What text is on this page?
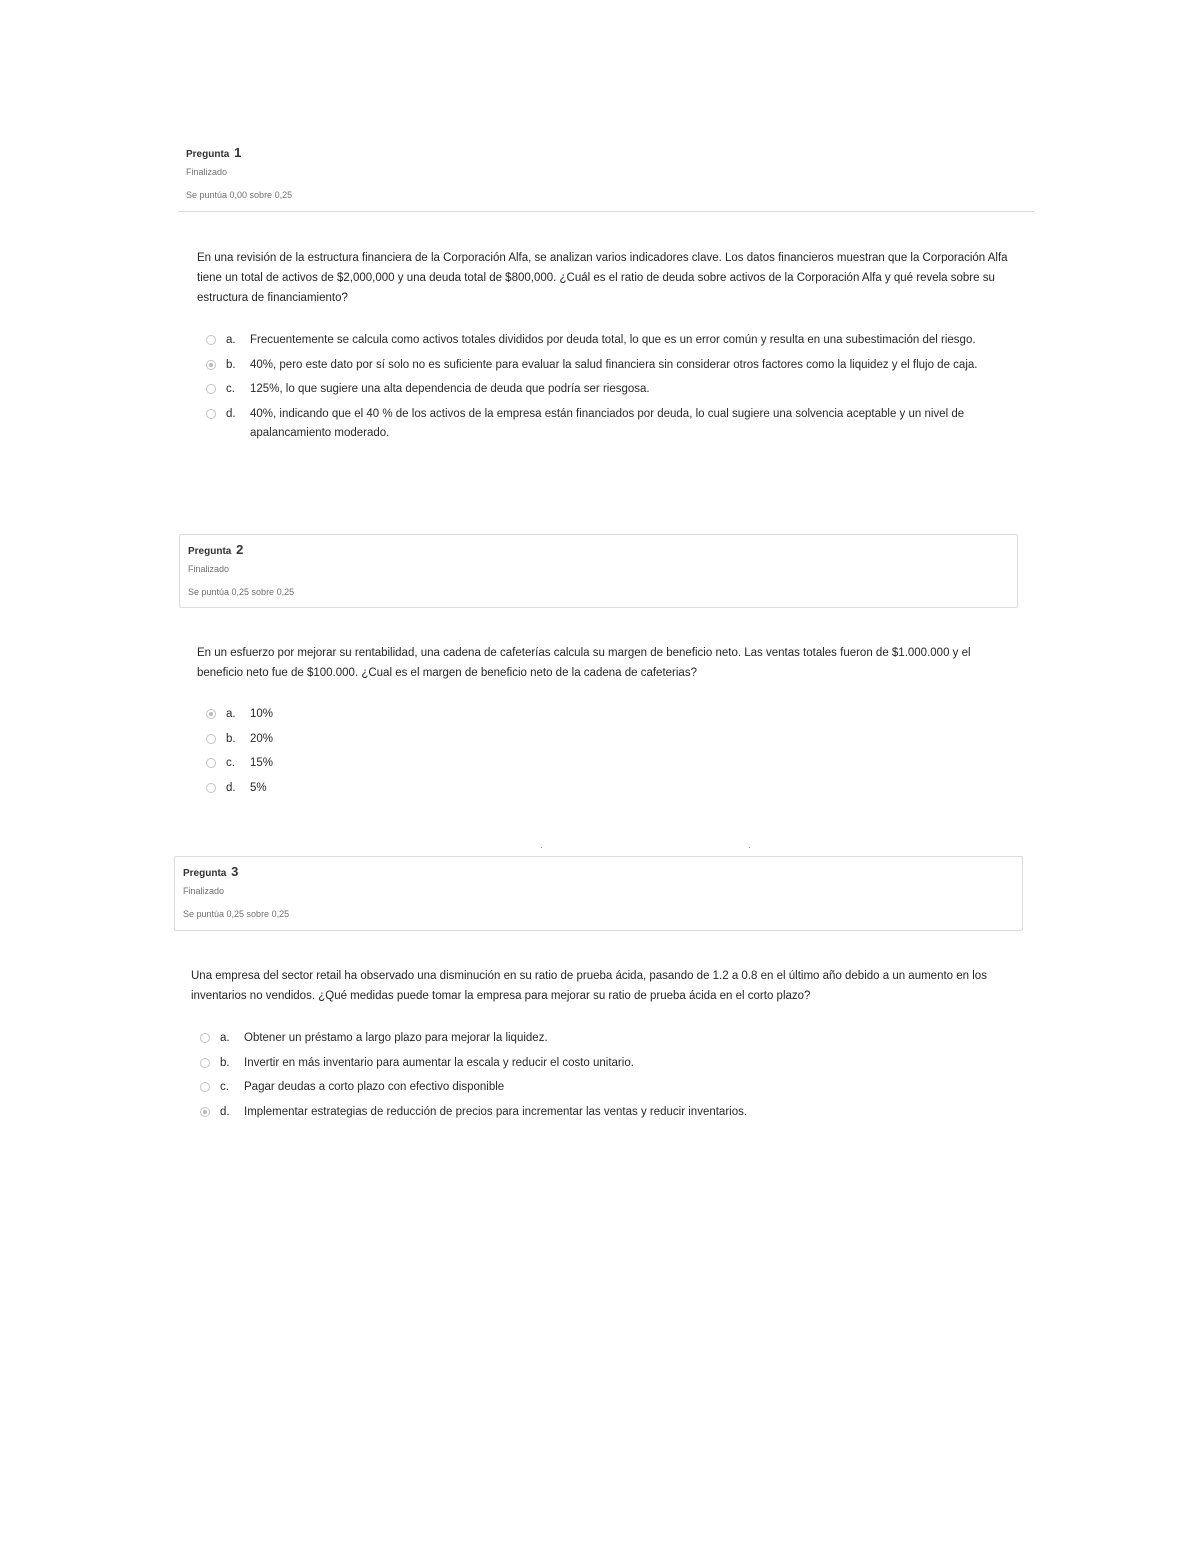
Pregunta 1
Finalizado
Se puntúa 0,00 sobre 0,25

En una revisión de la estructura financiera de la Corporación Alfa, se analizan varios indicadores clave. Los datos financieros muestran que la Corporación Alfa tiene un total de activos de $2,000,000 y una deuda total de $800,000. ¿Cuál es el ratio de deuda sobre activos de la Corporación Alfa y qué revela sobre su estructura de financiamiento?

a.	Frecuentemente se calcula como activos totales divididos por deuda total, lo que es un error común y resulta en una subestimación del riesgo.
b.	40%, pero este dato por sí solo no es suficiente para evaluar la salud financiera sin considerar otros factores como la liquidez y el flujo de caja.
c.	125%, lo que sugiere una alta dependencia de deuda que podría ser riesgosa.
d.	40%, indicando que el 40 % de los activos de la empresa están financiados por deuda, lo cual sugiere una solvencia aceptable y un nivel de apalancamiento moderado.
Pregunta 2
Finalizado
Se puntúa 0,25 sobre 0,25

En un esfuerzo por mejorar su rentabilidad, una cadena de cafeterías calcula su margen de beneficio neto. Las ventas totales fueron de $1.000.000 y el beneficio neto fue de $100.000. ¿Cual es el margen de beneficio neto de la cadena de cafeterias?

a.	10%
b.	20%
c.	15%
d.	5%
Pregunta 3
Finalizado
Se puntúa 0,25 sobre 0,25

Una empresa del sector retail ha observado una disminución en su ratio de prueba ácida, pasando de 1.2 a 0.8 en el último año debido a un aumento en los inventarios no vendidos. ¿Qué medidas puede tomar la empresa para mejorar su ratio de prueba ácida en el corto plazo?

a.	Obtener un préstamo a largo plazo para mejorar la liquidez.
b.	Invertir en más inventario para aumentar la escala y reducir el costo unitario.
c.	Pagar deudas a corto plazo con efectivo disponible
d.	Implementar estrategias de reducción de precios para incrementar las ventas y reducir inventarios.
